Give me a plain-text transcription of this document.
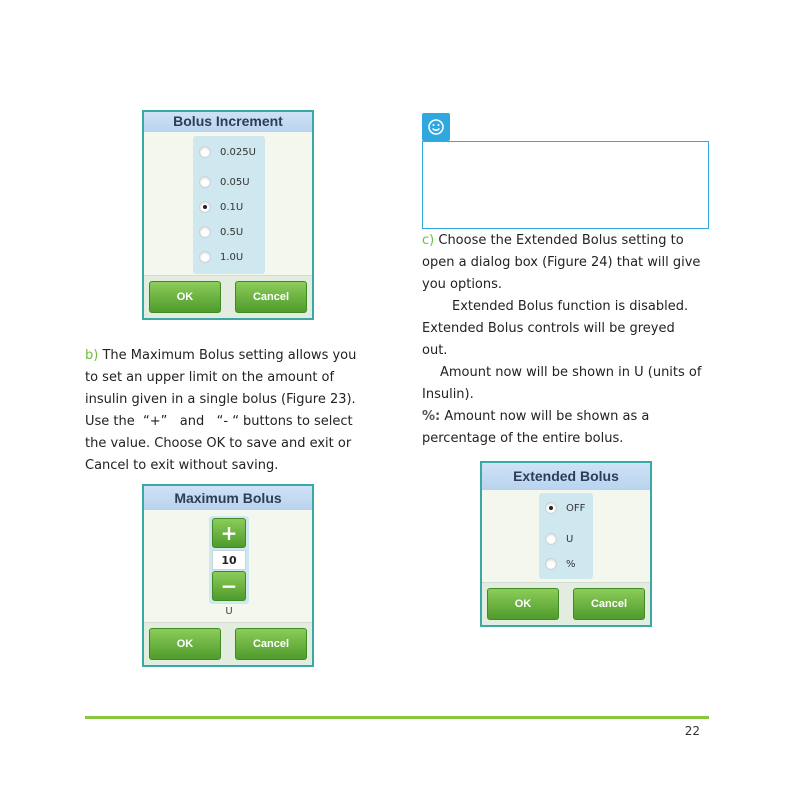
Bolus Increment
0.025U
0.05U
0.1U
0.5U
1.0U
OK	Cancel
b) The Maximum Bolus setting allows you
to set an upper limit on the amount of
insulin given in a single bolus (Figure 23).
Use the  “+”   and   “- “ buttons to select
the value. Choose OK to save and exit or
Cancel to exit without saving.
Maximum Bolus
+
10
−
U
OK	Cancel
c) Choose the Extended Bolus setting to
open a dialog box (Figure 24) that will give
you options.
Extended Bolus function is disabled.
Extended Bolus controls will be greyed
out.
Amount now will be shown in U (units of
Insulin).
%: Amount now will be shown as a
percentage of the entire bolus.
Extended Bolus
OFF
U
%
OK	Cancel
22
